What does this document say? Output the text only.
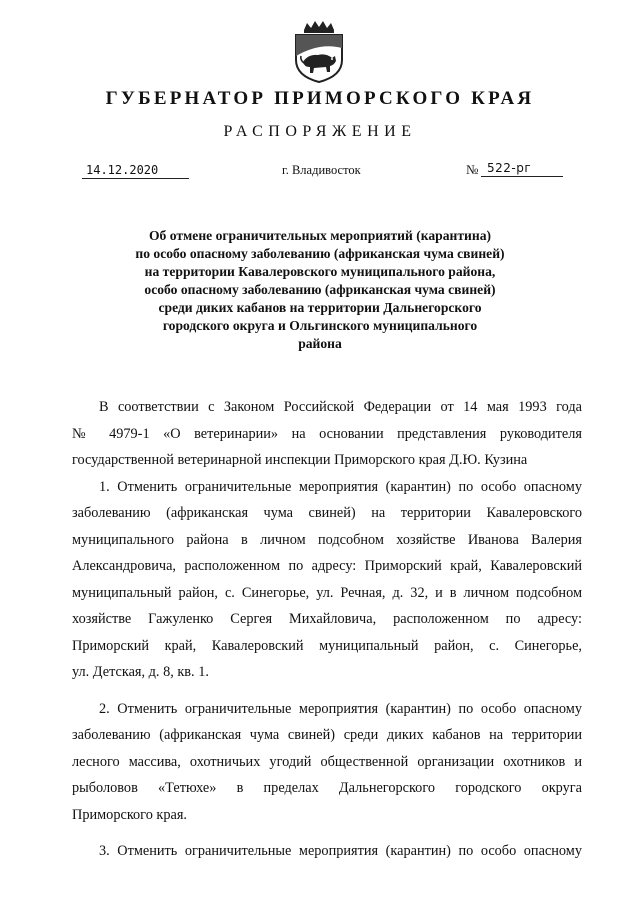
ГУБЕРНАТОР ПРИМОРСКОГО КРАЯ
РАСПОРЯЖЕНИЕ
14.12.2020	г. Владивосток	№ 522-рг
Об отмене ограничительных мероприятий (карантина)
по особо опасному заболеванию (африканская чума свиней)
на территории Кавалеровского муниципального района,
особо опасному заболеванию (африканская чума свиней)
среди диких кабанов на территории Дальнегорского
городского округа и Ольгинского муниципального
района
В соответствии с Законом Российской Федерации от 14 мая 1993 года
№ 4979-1 «О ветеринарии» на основании представления руководителя
государственной ветеринарной инспекции Приморского края Д.Ю. Кузина
1. Отменить ограничительные мероприятия (карантин) по особо опасному
заболеванию (африканская чума свиней) на территории Кавалеровского
муниципального района в личном подсобном хозяйстве Иванова Валерия
Александровича, расположенном по адресу: Приморский край, Кавалеровский
муниципальный район, с. Синегорье, ул. Речная, д. 32, и в личном подсобном
хозяйстве Гажуленко Сергея Михайловича, расположенном по адресу:
Приморский край, Кавалеровский муниципальный район, с. Синегорье,
ул. Детская, д. 8, кв. 1.
2. Отменить ограничительные мероприятия (карантин) по особо опасному
заболеванию (африканская чума свиней) среди диких кабанов на территории
лесного массива, охотничьих угодий общественной организации охотников и
рыболовов «Тетюхе» в пределах Дальнегорского городского округа
Приморского края.
3. Отменить ограничительные мероприятия (карантин) по особо опасному
